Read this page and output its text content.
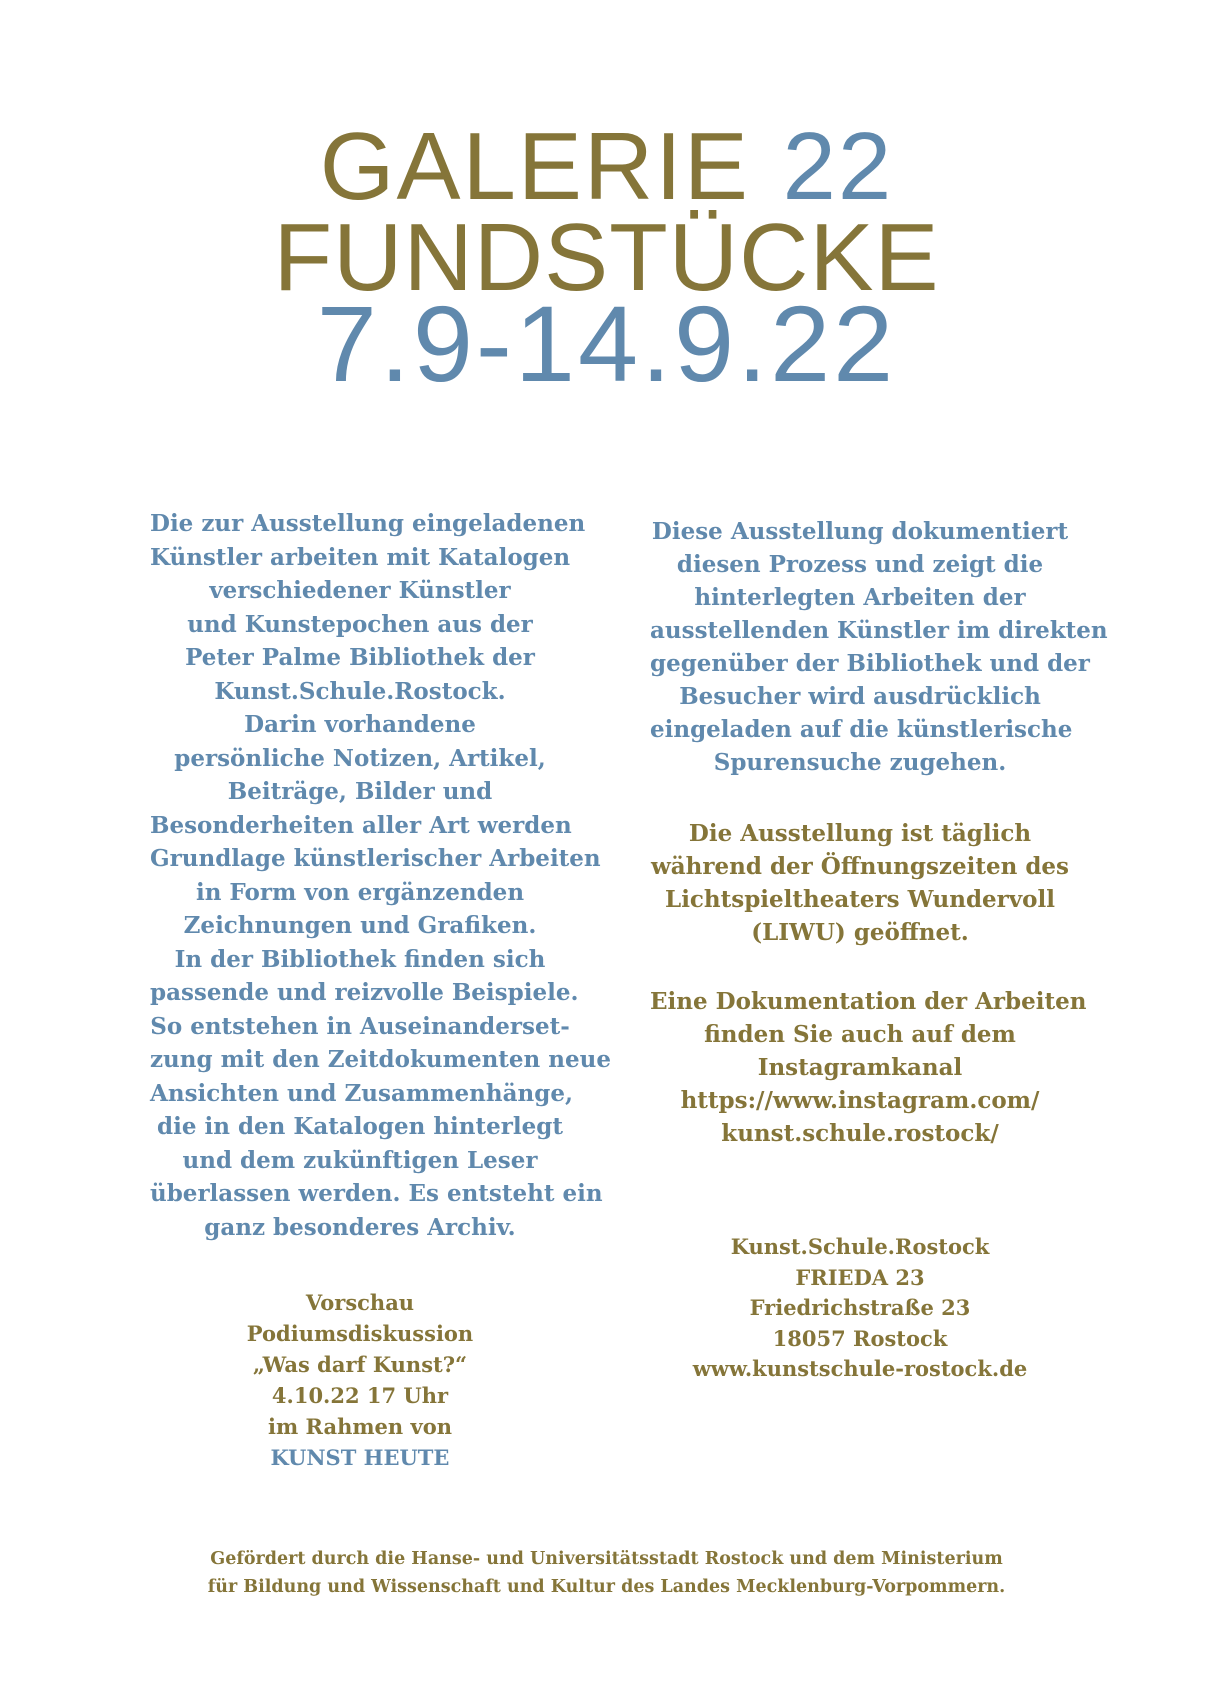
GALERIE 22
FUNDSTÜCKE
7.9-14.9.22
Die zur Ausstellung eingeladenen
Künstler arbeiten mit Katalogen
verschiedener Künstler
und Kunstepochen aus der
Peter Palme Bibliothek der
Kunst.Schule.Rostock.
Darin vorhandene
persönliche Notizen, Artikel,
Beiträge, Bilder und
Besonderheiten aller Art werden
Grundlage künstlerischer Arbeiten
in Form von ergänzenden
Zeichnungen und Grafiken.
In der Bibliothek finden sich
passende und reizvolle Beispiele.
So entstehen in Auseinanderset-
zung mit den Zeitdokumenten neue
Ansichten und Zusammenhänge,
die in den Katalogen hinterlegt
und dem zukünftigen Leser
überlassen werden. Es entsteht ein
ganz besonderes Archiv.
Diese Ausstellung dokumentiert
diesen Prozess und zeigt die
hinterlegten Arbeiten der
ausstellenden Künstler im direkten
gegenüber der Bibliothek und der
Besucher wird ausdrücklich
eingeladen auf die künstlerische
Spurensuche zugehen.
Die Ausstellung ist täglich
während der Öffnungszeiten des
Lichtspieltheaters Wundervoll
(LIWU) geöffnet.
Eine Dokumentation der Arbeiten
finden Sie auch auf dem
Instagramkanal
https://www.instagram.com/
kunst.schule.rostock/
Vorschau
Podiumsdiskussion
„Was darf Kunst?“
4.10.22 17 Uhr
im Rahmen von
KUNST HEUTE
Kunst.Schule.Rostock
FRIEDA 23
Friedrichstraße 23
18057 Rostock
www.kunstschule-rostock.de
Gefördert durch die Hanse- und Universitätsstadt Rostock und dem Ministerium
für Bildung und Wissenschaft und Kultur des Landes Mecklenburg-Vorpommern.
